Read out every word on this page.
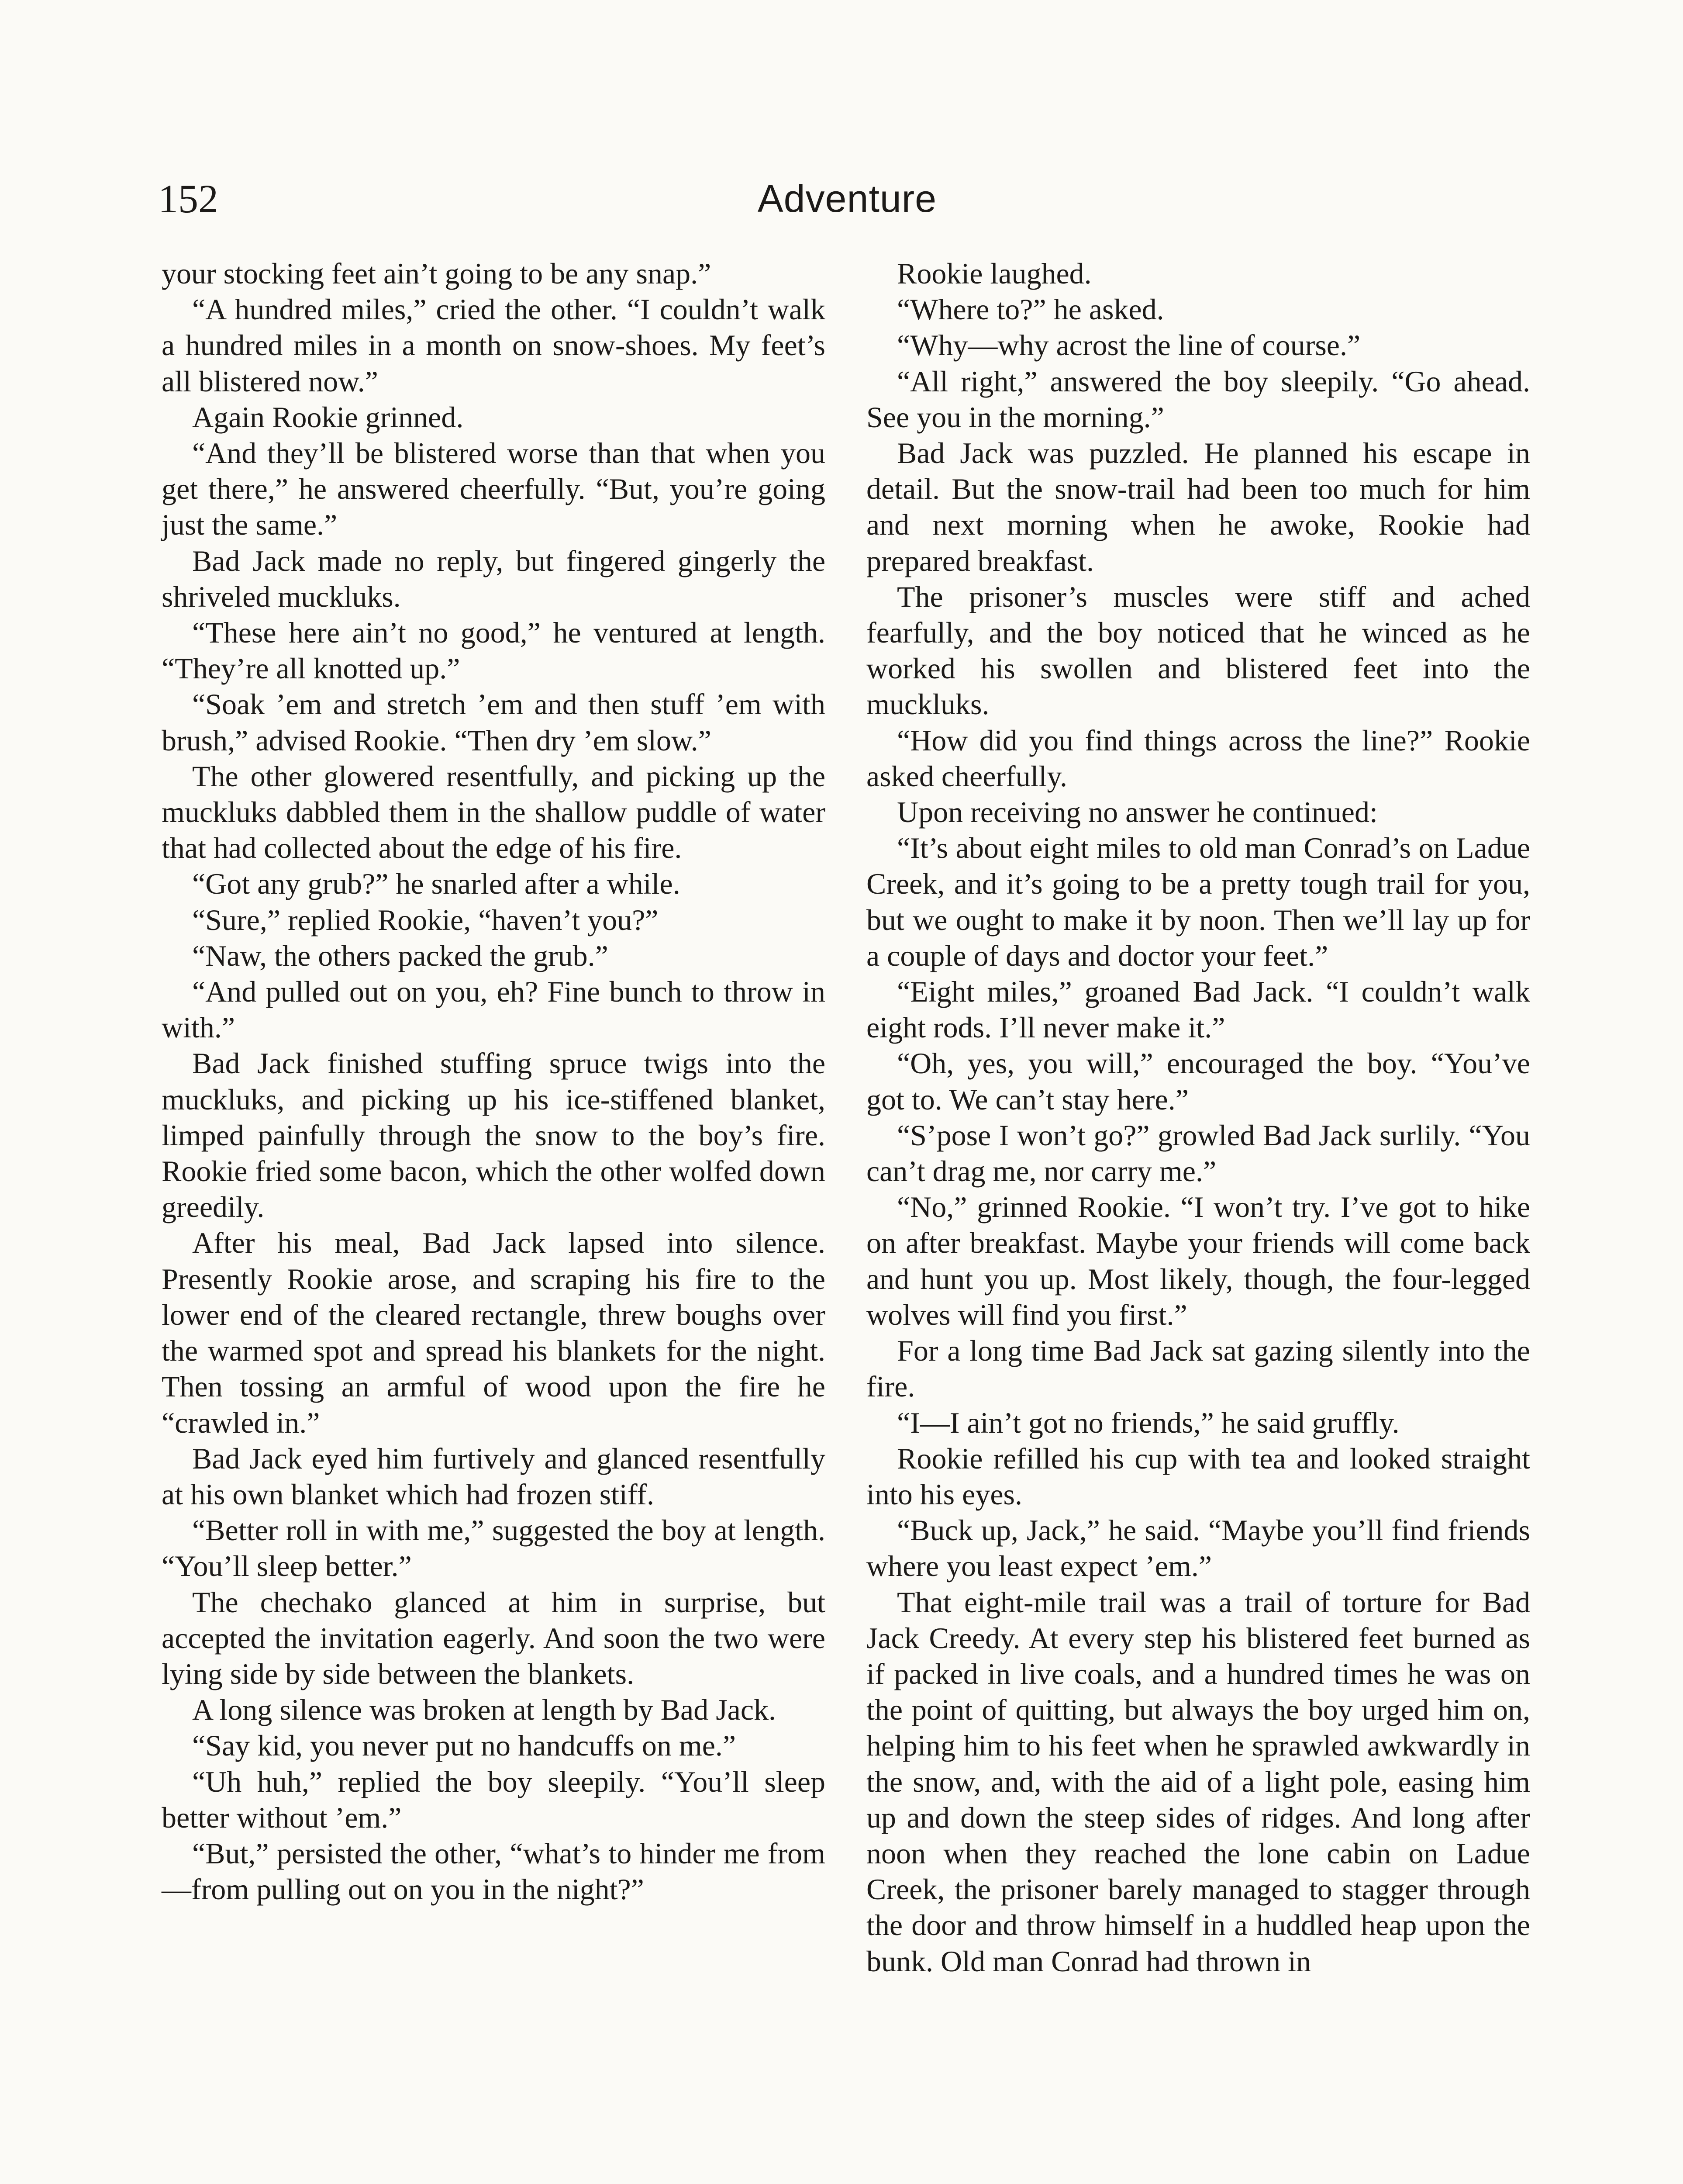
152	Adventure

your stocking feet ain’t going to be any snap.”

“A hundred miles,” cried the other. “I couldn’t walk a hundred miles in a month on snow-shoes. My feet’s all blistered now.”

Again Rookie grinned.

“And they’ll be blistered worse than that when you get there,” he answered cheerfully. “But, you’re going just the same.”

Bad Jack made no reply, but fingered gingerly the shriveled muckluks.

“These here ain’t no good,” he ventured at length. “They’re all knotted up.”

“Soak ’em and stretch ’em and then stuff ’em with brush,” advised Rookie. “Then dry ’em slow.”

The other glowered resentfully, and picking up the muckluks dabbled them in the shallow puddle of water that had collected about the edge of his fire.

“Got any grub?” he snarled after a while.

“Sure,” replied Rookie, “haven’t you?”

“Naw, the others packed the grub.”

“And pulled out on you, eh? Fine bunch to throw in with.”

Bad Jack finished stuffing spruce twigs into the muckluks, and picking up his ice-stiffened blanket, limped painfully through the snow to the boy’s fire. Rookie fried some bacon, which the other wolfed down greedily.

After his meal, Bad Jack lapsed into silence. Presently Rookie arose, and scraping his fire to the lower end of the cleared rectangle, threw boughs over the warmed spot and spread his blankets for the night. Then tossing an armful of wood upon the fire he “crawled in.”

Bad Jack eyed him furtively and glanced resentfully at his own blanket which had frozen stiff.

“Better roll in with me,” suggested the boy at length. “You’ll sleep better.”

The chechako glanced at him in surprise, but accepted the invitation eagerly. And soon the two were lying side by side between the blankets.

A long silence was broken at length by Bad Jack.

“Say kid, you never put no handcuffs on me.”

“Uh huh,” replied the boy sleepily. “You’ll sleep better without ’em.”

“But,” persisted the other, “what’s to hinder me from—from pulling out on you in the night?”

Rookie laughed.

“Where to?” he asked.

“Why—why acrost the line of course.”

“All right,” answered the boy sleepily. “Go ahead. See you in the morning.”

Bad Jack was puzzled. He planned his escape in detail. But the snow-trail had been too much for him and next morning when he awoke, Rookie had prepared breakfast.

The prisoner’s muscles were stiff and ached fearfully, and the boy noticed that he winced as he worked his swollen and blistered feet into the muckluks.

“How did you find things across the line?” Rookie asked cheerfully.

Upon receiving no answer he continued:

“It’s about eight miles to old man Conrad’s on Ladue Creek, and it’s going to be a pretty tough trail for you, but we ought to make it by noon. Then we’ll lay up for a couple of days and doctor your feet.”

“Eight miles,” groaned Bad Jack. “I couldn’t walk eight rods. I’ll never make it.”

“Oh, yes, you will,” encouraged the boy. “You’ve got to. We can’t stay here.”

“S’pose I won’t go?” growled Bad Jack surlily. “You can’t drag me, nor carry me.”

“No,” grinned Rookie. “I won’t try. I’ve got to hike on after breakfast. Maybe your friends will come back and hunt you up. Most likely, though, the four-legged wolves will find you first.”

For a long time Bad Jack sat gazing silently into the fire.

“I—I ain’t got no friends,” he said gruffly.

Rookie refilled his cup with tea and looked straight into his eyes.

“Buck up, Jack,” he said. “Maybe you’ll find friends where you least expect ’em.”

That eight-mile trail was a trail of torture for Bad Jack Creedy. At every step his blistered feet burned as if packed in live coals, and a hundred times he was on the point of quitting, but always the boy urged him on, helping him to his feet when he sprawled awkwardly in the snow, and, with the aid of a light pole, easing him up and down the steep sides of ridges. And long after noon when they reached the lone cabin on Ladue Creek, the prisoner barely managed to stagger through the door and throw himself in a huddled heap upon the bunk. Old man Conrad had thrown in
